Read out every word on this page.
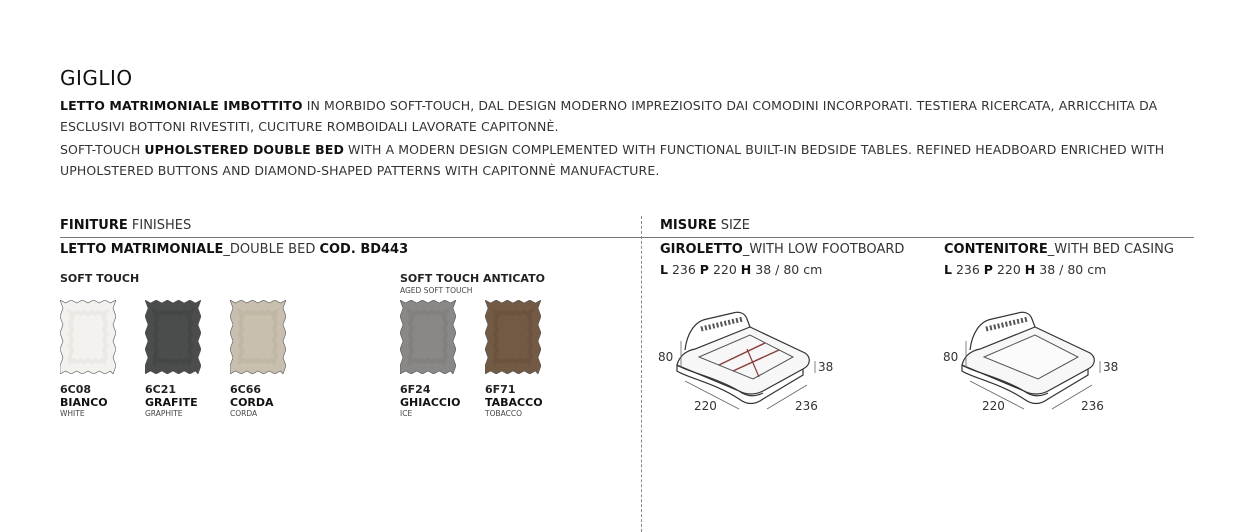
GIGLIO
LETTO MATRIMONIALE IMBOTTITO IN MORBIDO SOFT-TOUCH, DAL DESIGN MODERNO IMPREZIOSITO DAI COMODINI INCORPORATI. TESTIERA RICERCATA, ARRICCHITA DA ESCLUSIVI BOTTONI RIVESTITI, CUCITURE ROMBOIDALI LAVORATE CAPITONNÈ.
SOFT-TOUCH UPHOLSTERED DOUBLE BED WITH A MODERN DESIGN COMPLEMENTED WITH FUNCTIONAL BUILT-IN BEDSIDE TABLES. REFINED HEADBOARD ENRICHED WITH UPHOLSTERED BUTTONS AND DIAMOND-SHAPED PATTERNS WITH CAPITONNÈ MANUFACTURE.
FINITURE FINISHES	MISURE SIZE
LETTO MATRIMONIALE_DOUBLE BED COD. BD443
SOFT TOUCH	SOFT TOUCH ANTICATO
AGED SOFT TOUCH
6C08
BIANCO
WHITE
6C21
GRAFITE
GRAPHITE
6C66
CORDA
CORDA
6F24
GHIACCIO
ICE
6F71
TABACCO
TOBACCO
GIROLETTO_WITH LOW FOOTBOARD
L 236 P 220 H 38 / 80 cm
80
38
220	236
CONTENITORE_WITH BED CASING
L 236 P 220 H 38 / 80 cm
80
38
220	236
